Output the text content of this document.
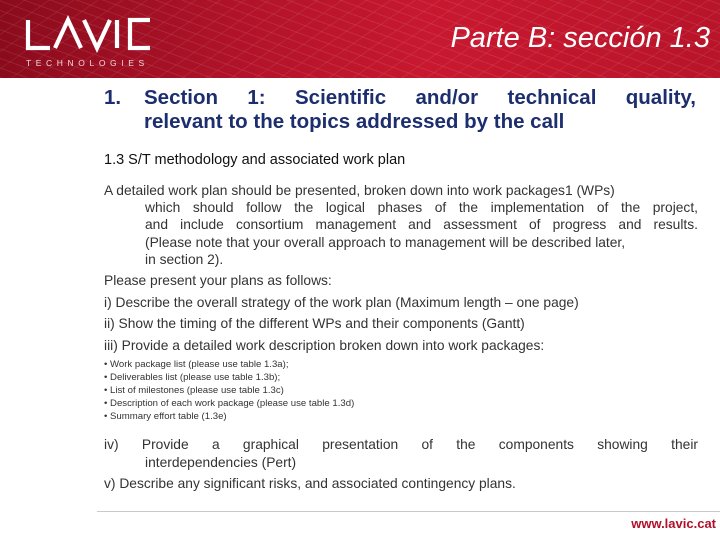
TECHNOLOGIES
Parte B: sección 1.3
1.	Section 1: Scientific and/or technical quality,
relevant to the topics addressed by the call
1.3 S/T methodology and associated work plan
A detailed work plan should be presented, broken down into work packages1 (WPs)
which should follow the logical phases of the implementation of the project,
and include consortium management and assessment of progress and results.
(Please note that your overall approach to management will be described later,
in section 2).
Please present your plans as follows:
i) Describe the overall strategy of the work plan (Maximum length – one page)
ii) Show the timing of the different WPs and their components (Gantt)
iii) Provide a detailed work description broken down into work packages:
• Work package list (please use table 1.3a);
• Deliverables list (please use table 1.3b);
• List of milestones (please use table 1.3c)
• Description of each work package (please use table 1.3d)
• Summary effort table (1.3e)
iv) Provide a graphical presentation of the components showing their
interdependencies (Pert)
v) Describe any significant risks, and associated contingency plans.
www.lavic.cat
